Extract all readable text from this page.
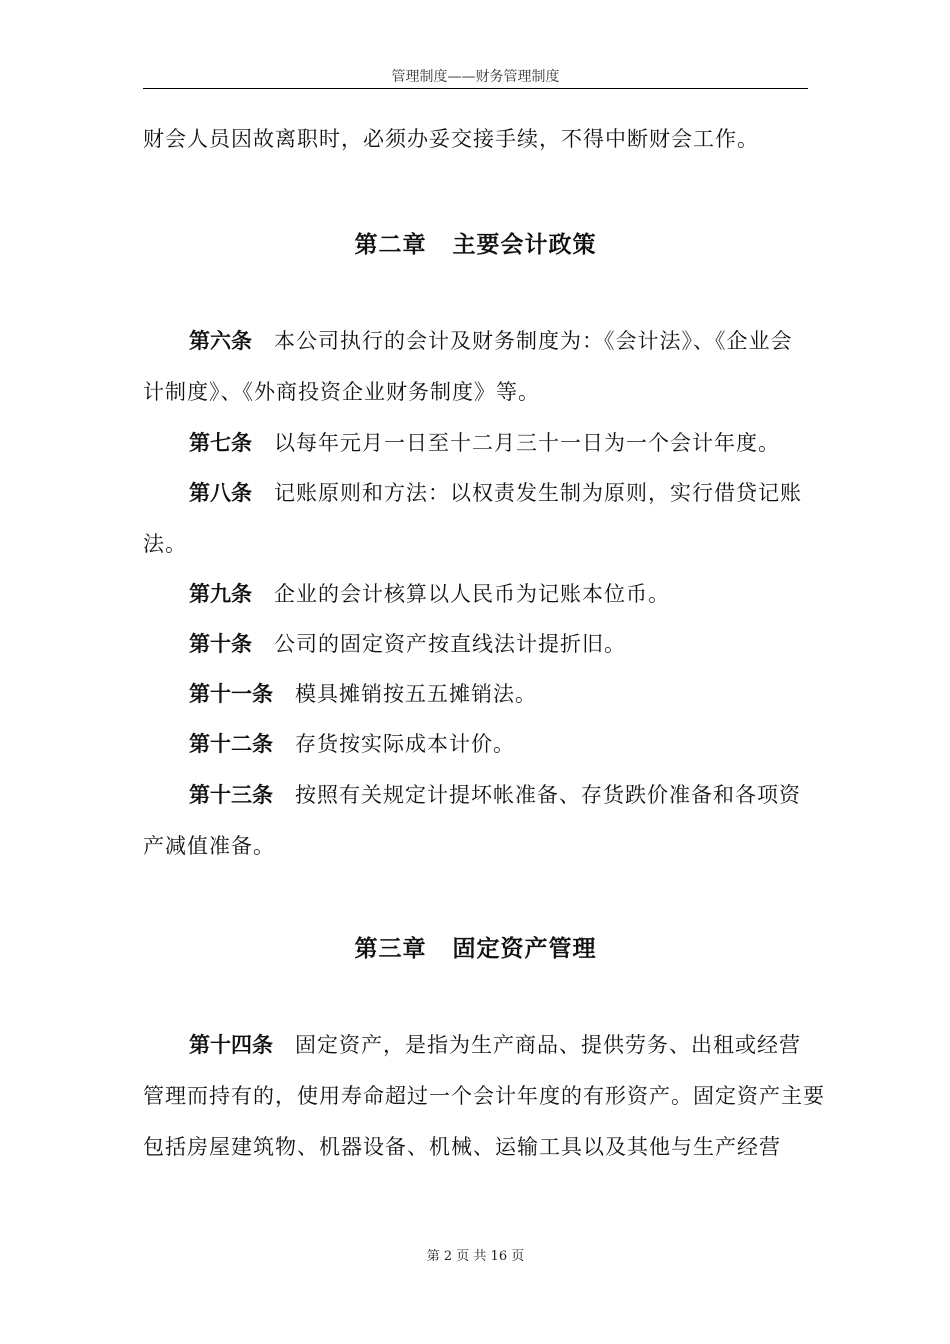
管理制度——财务管理制度
财会人员因故离职时，必须办妥交接手续，不得中断财会工作。
第二章 主要会计政策
第六条 本公司执行的会计及财务制度为：《会计法》、《企业会
计制度》、《外商投资企业财务制度》等。
第七条 以每年元月一日至十二月三十一日为一个会计年度。
第八条 记账原则和方法：以权责发生制为原则，实行借贷记账
法。
第九条 企业的会计核算以人民币为记账本位币。
第十条 公司的固定资产按直线法计提折旧。
第十一条 模具摊销按五五摊销法。
第十二条 存货按实际成本计价。
第十三条 按照有关规定计提坏帐准备、存货跌价准备和各项资
产减值准备。
第三章 固定资产管理
第十四条 固定资产，是指为生产商品、提供劳务、出租或经营
管理而持有的，使用寿命超过一个会计年度的有形资产。固定资产主要
包括房屋建筑物、机器设备、机械、运输工具以及其他与生产经营
第 2 页 共 16 页
